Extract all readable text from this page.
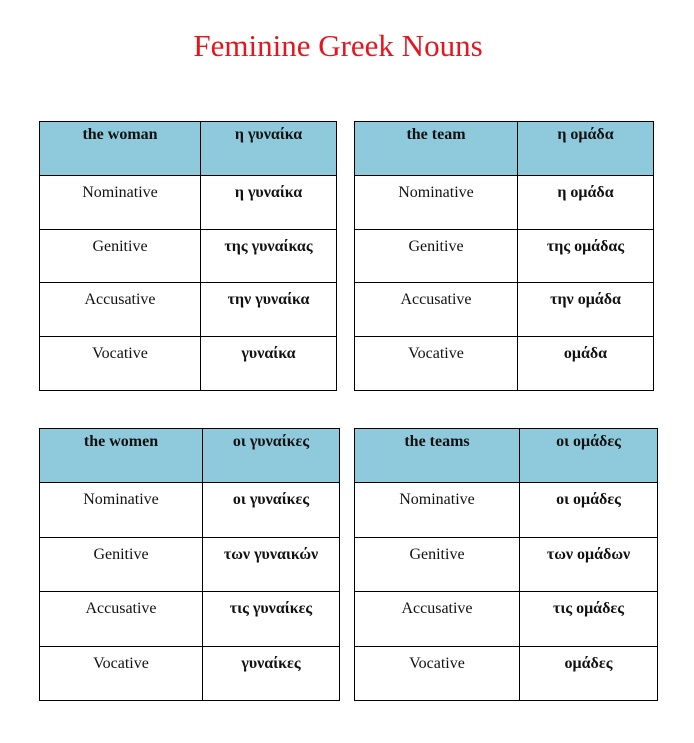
Feminine Greek Nouns
the woman	η γυναίκα
Nominative	η γυναίκα
Genitive	της γυναίκας
Accusative	την γυναίκα
Vocative	γυναίκα
the team	η ομάδα
Nominative	η ομάδα
Genitive	της ομάδας
Accusative	την ομάδα
Vocative	ομάδα
the women	οι γυναίκες
Nominative	οι γυναίκες
Genitive	των γυναικών
Accusative	τις γυναίκες
Vocative	γυναίκες
the teams	οι ομάδες
Nominative	οι ομάδες
Genitive	των ομάδων
Accusative	τις ομάδες
Vocative	ομάδες
